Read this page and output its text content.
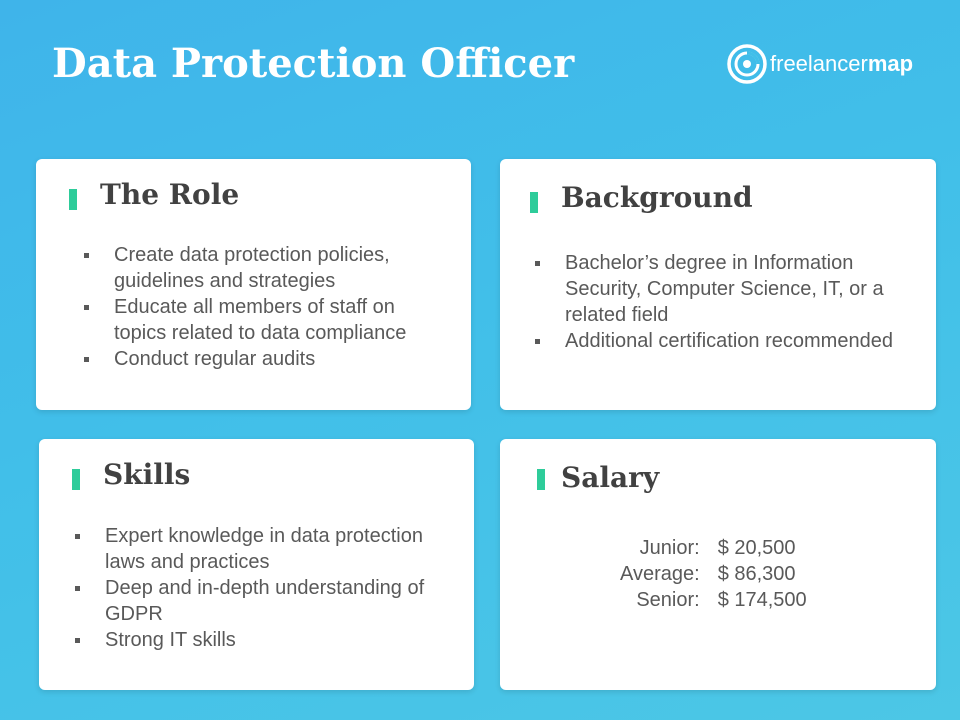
Data Protection Officer	freelancermap
The Role
Create data protection policies, guidelines and strategies
Educate all members of staff on topics related to data compliance
Conduct regular audits
Background
Bachelor’s degree in Information Security, Computer Science, IT, or a related field
Additional certification recommended
Skills
Expert knowledge in data protection laws and practices
Deep and in-depth understanding of GDPR
Strong IT skills
Salary
Junior:	$ 20,500
Average:	$ 86,300
Senior:	$ 174,500
